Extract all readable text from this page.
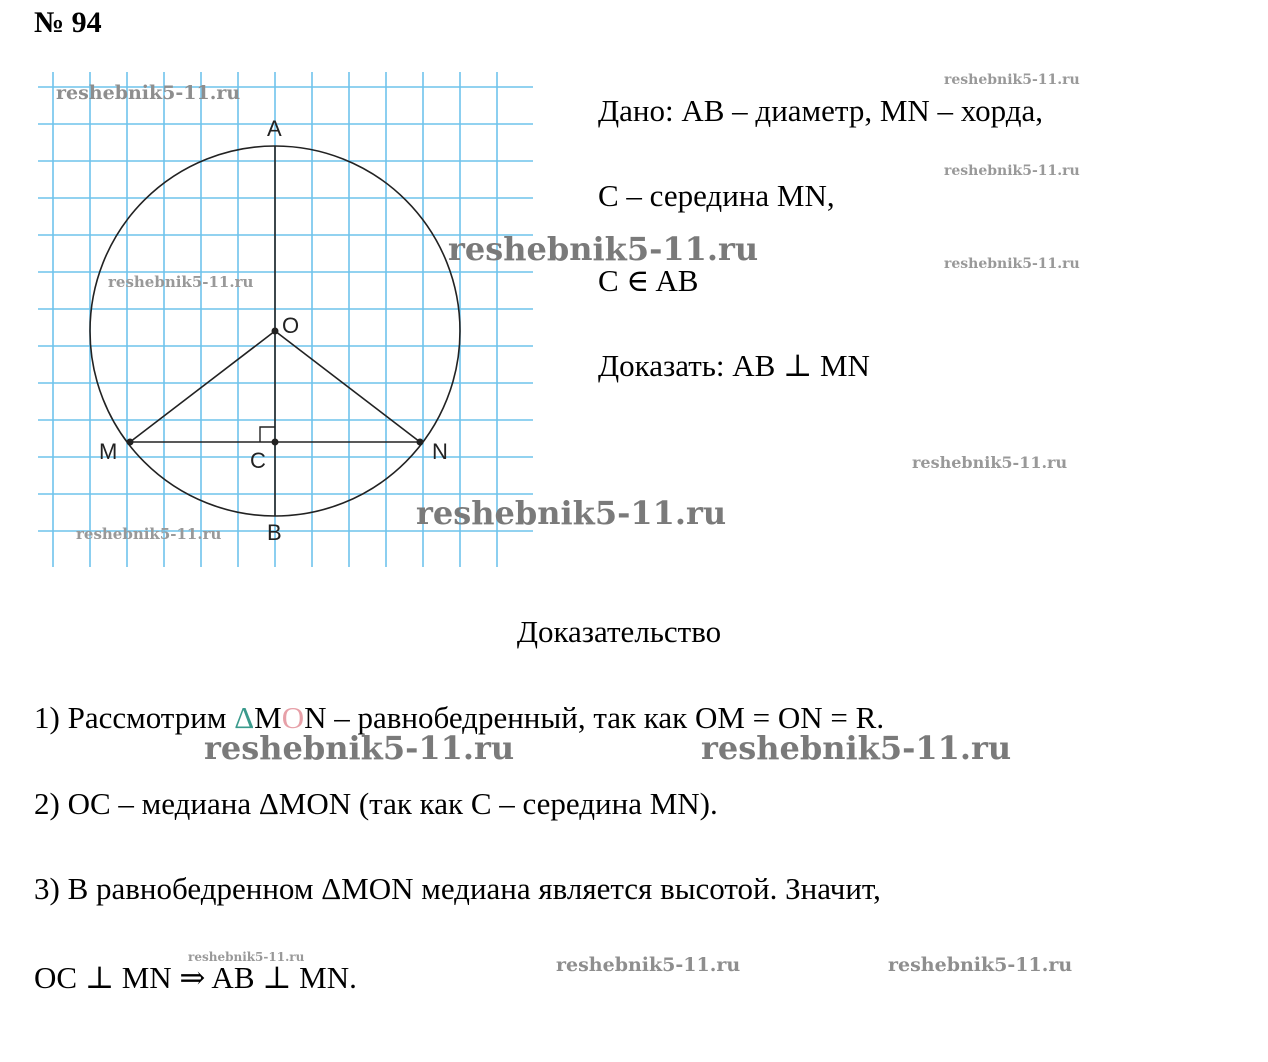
№ 94
A
O
M	N
C
B
Дано: AB – диаметр, MN – хорда,
C – середина MN,
C ∈ AB
Доказать: AB ⊥ MN
Доказательство
1) Рассмотрим ΔMON – равнобедренный, так как OM = ON = R.
2) OC – медиана ΔMON (так как C – середина MN).
3) В равнобедренном ΔMON медиана является высотой. Значит,
OC ⊥ MN ⇒ AB ⊥ MN.
reshebnik5-11.ru
reshebnik5-11.ru
reshebnik5-11.ru
reshebnik5-11.ru	reshebnik5-11.ru
reshebnik5-11.ru
reshebnik5-11.ru
reshebnik5-11.ru
reshebnik5-11.ru
reshebnik5-11.ru	reshebnik5-11.ru
reshebnik5-11.ru	reshebnik5-11.ru	reshebnik5-11.ru
